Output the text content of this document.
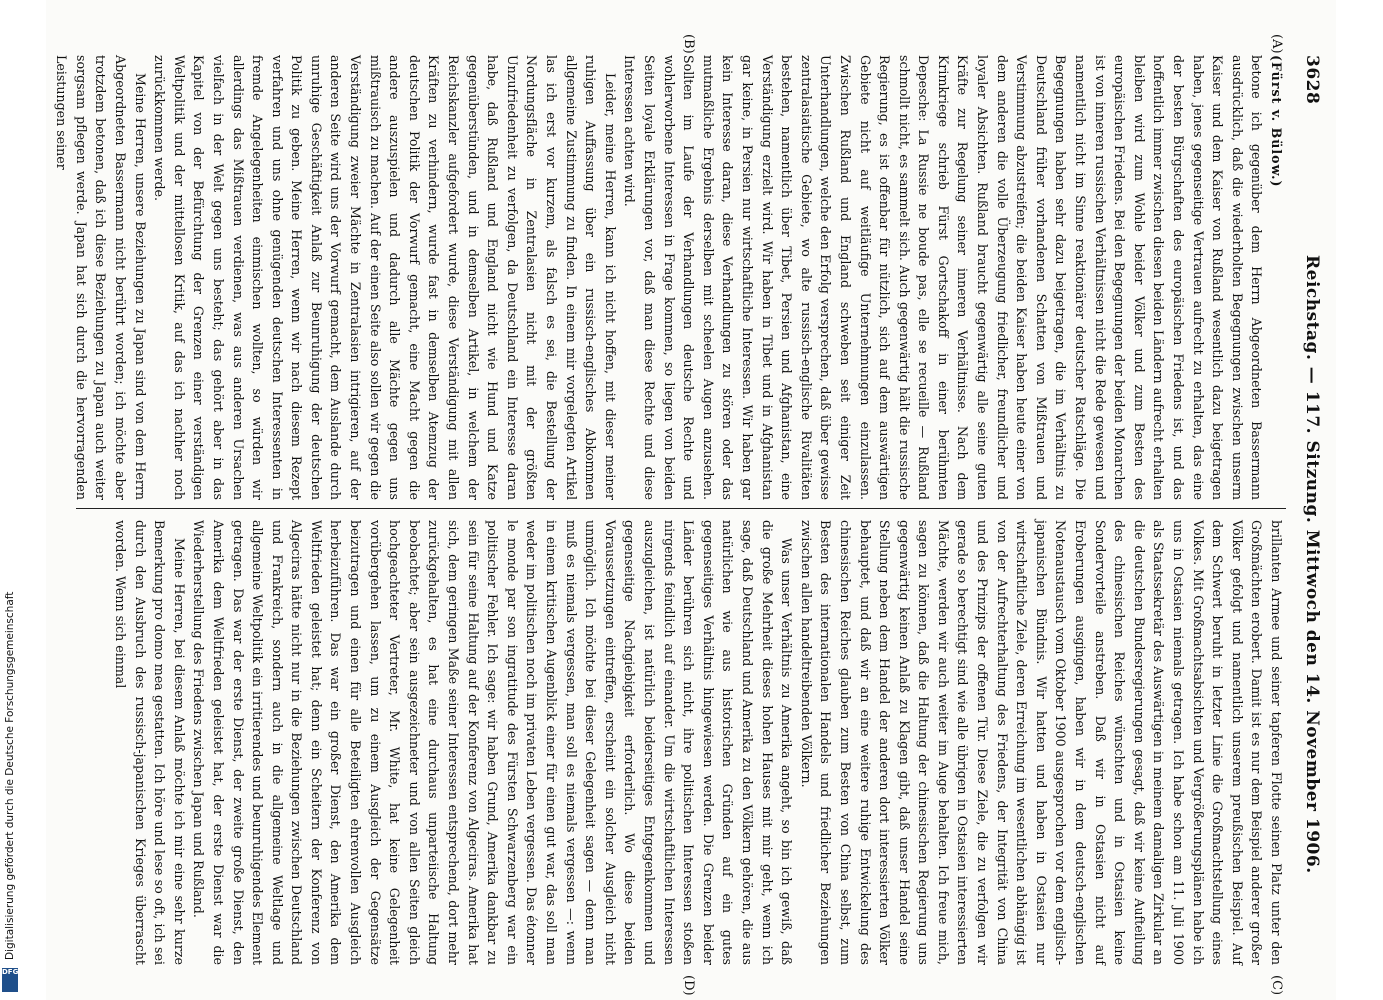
3628
Reichstag. — 117. Sitzung. Mittwoch den 14. November 1906.
(A)
(B)
(C)
(D)

(Fürst v. Bülow.)

betone ich gegenüber dem Herrn Abgeordneten Bassermann ausdrücklich, daß die wiederholten Begegnungen zwischen unserm Kaiser und dem Kaiser von Rußland wesentlich dazu beigetragen haben, jenes gegenseitige Vertrauen aufrecht zu erhalten, das eine der besten Bürgschaften des europäischen Friedens ist, und das hoffentlich immer zwischen diesen beiden Ländern aufrecht erhalten bleiben wird zum Wohle beider Völker und zum Besten des europäischen Friedens. Bei den Begegnungen der beiden Monarchen ist von inneren russischen Verhältnissen nicht die Rede gewesen und namentlich nicht im Sinne reaktionärer deutscher Ratschläge. Die Begegnungen haben sehr dazu beigetragen, die im Verhältnis zu Deutschland früher vorhandenen Schatten von Mißtrauen und Verstimmung abzustreifen; die beiden Kaiser haben heute einer von dem anderen die volle Überzeugung friedlicher, freundlicher und loyaler Absichten. Rußland braucht gegenwärtig alle seine guten Kräfte zur Regelung seiner inneren Verhältnisse. Nach dem Krimkriege schrieb Fürst Gortschakoff in einer berühmten Depesche: La Russie ne boude pas, elle se recueille — Rußland schmollt nicht, es sammelt sich. Auch gegenwärtig hält die russische Regierung, es ist offenbar für nützlich, sich auf dem auswärtigen Gebiete nicht auf weitläufige Unternehmungen einzulassen. Zwischen Rußland und England schweben seit einiger Zeit Unterhandlungen, welche den Erfolg versprechen, daß über gewisse zentralasiatische Gebiete, wo alte russisch-englische Rivalitäten bestehen, namentlich über Tibet, Persien und Afghanistan, eine Verständigung erzielt wird. Wir haben in Tibet und in Afghanistan gar keine, in Persien nur wirtschaftliche Interessen. Wir haben gar kein Interesse daran, diese Verhandlungen zu stören oder das mutmaßliche Ergebnis derselben mit scheelen Augen anzusehen. Sollten im Laufe der Verhandlungen deutsche Rechte und wohlerworbene Interessen in Frage kommen, so liegen von beiden Seiten loyale Erklärungen vor, daß man diese Rechte und diese Interessen achten wird.

Leider, meine Herren, kann ich nicht hoffen, mit dieser meiner ruhigen Auffassung über ein russisch-englisches Abkommen allgemeine Zustimmung zu finden. In einem mir vorgelegten Artikel las ich erst vor kurzem, als falsch es sei, die Bestellung der Nordungsfläche in Zentralasien nicht mit der größten Unzufriedenheit zu verfolgen, da Deutschland ein Interesse daran habe, daß Rußland und England nicht wie Hund und Katze gegenüberstünden, und in demselben Artikel, in welchem der Reichskanzler aufgefordert wurde, diese Verständigung mit allen Kräften zu verhindern, wurde fast in demselben Atemzug der deutschen Politik der Vorwurf gemacht, eine Macht gegen die andere auszuspielen und dadurch alle Mächte gegen uns mißtrauisch zu machen. Auf der einen Seite also sollen wir gegen die Verständigung zweier Mächte in Zentralasien intrigieren, auf der anderen Seite wird uns der Vorwurf gemacht, dem Auslande durch unruhige Geschäftigkeit Anlaß zur Beunruhigung der deutschen Politik zu geben. Meine Herren, wenn wir nach diesem Rezept verfahren und uns ohne genügenden deutschen Interessenten in fremde Angelegenheiten einmischen wollten, so würden wir allerdings das Mißtrauen verdienen, was aus anderen Ursachen vielfach in der Welt gegen uns besteht; das gehört aber in das Kapitel von der Befürchtung der Grenzen einer verständigen Weltpolitik und der mittellosen Kritik, auf das ich nachher noch zurückkommen werde.

Meine Herren, unsere Beziehungen zu Japan sind von dem Herrn Abgeordneten Bassermann nicht berührt worden; ich möchte aber trotzdem betonen, daß ich diese Beziehungen zu Japan auch weiter sorgsam pflegen werde. Japan hat sich durch die hervorragenden Leistungen seiner

brillanten Armee und seiner tapferen Flotte seinen Platz unter den Großmächten erobert. Damit ist es nur dem Beispiel anderer großer Völker gefolgt und namentlich unserem preußischen Beispiel. Auf dem Schwert beruht in letzter Linie die Großmachtstellung eines Volkes. Mit Großmachtsabsichten und Vergrößerungsplänen habe ich uns in Ostasien niemals getragen. Ich habe schon am 11. Juli 1900 als Staatssekretär des Auswärtigen in meinem damaligen Zirkular an die deutschen Bundesregierungen gesagt, daß wir keine Aufteilung des chinesischen Reiches wünschten und in Ostasien keine Sondervorteile anstreben. Daß wir in Ostasien nicht auf Eroberungen ausgingen, haben wir in dem deutsch-englischen Notenaustausch vom Oktober 1900 ausgesprochen vor dem englisch-japanischen Bündnis. Wir hatten und haben in Ostasien nur wirtschaftliche Ziele, deren Erreichung im wesentlichen abhängig ist von der Aufrechterhaltung des Friedens, der Integrität von China und des Prinzips der offenen Tür. Diese Ziele, die zu verfolgen wir gerade so berechtigt sind wie alle übrigen in Ostasien interessierten Mächte, werden wir auch weiter im Auge behalten. Ich freue mich, sagen zu können, daß die Haltung der chinesischen Regierung uns gegenwärtig keinen Anlaß zu Klagen gibt, daß unser Handel seine Stellung neben dem Handel der anderen dort interessierten Völker behauptet, und daß wir an eine weitere ruhige Entwickelung des chinesischen Reiches glauben zum Besten von China selbst, zum Besten des internationalen Handels und friedlicher Beziehungen zwischen allen handeltreibenden Völkern.

Was unser Verhältnis zu Amerika angeht, so bin ich gewiß, daß die große Mehrheit dieses hohen Hauses mit mir geht, wenn ich sage, daß Deutschland und Amerika zu den Völkern gehören, die aus natürlichen wie aus historischen Gründen auf ein gutes gegenseitiges Verhältnis hingewiesen werden. Die Grenzen beider Länder berühren sich nicht, ihre politischen Interessen stoßen nirgends feindlich auf einander. Um die wirtschaftlichen Interessen auszugleichen, ist natürlich beiderseitiges Entgegenkommen und gegenseitige Nachgiebigkeit erforderlich. Wo diese beiden Voraussetzungen eintreffen, erscheint ein solcher Ausgleich nicht unmöglich. Ich möchte bei dieser Gelegenheit sagen — denn man muß es niemals vergessen, man soll es niemals vergessen —: wenn in einem kritischen Augenblick einer für einen gut war, das soll man weder im politischen noch im privaten Leben vergessen. Das étonner le monde par son ingratitude des Fürsten Schwarzenberg war ein politischer Fehler. Ich sage: wir haben Grund, Amerika dankbar zu sein für seine Haltung auf der Konferenz von Algeciras. Amerika hat sich, dem geringen Maße seiner Interessen entsprechend, dort mehr zurückgehalten, es hat eine durchaus unparteiische Haltung beobachtet; aber sein ausgezeichneter und von allen Seiten gleich hochgeachteter Vertreter, Mr. White, hat keine Gelegenheit vorübergehen lassen, um zu einem Ausgleich der Gegensätze beizutragen und einen für alle Beteiligten ehrenvollen Ausgleich herbeizuführen. Das war ein großer Dienst, den Amerika dem Weltfrieden geleistet hat; denn ein Scheitern der Konferenz von Algeciras hätte nicht nur in die Beziehungen zwischen Deutschland und Frankreich, sondern auch in die allgemeine Weltlage und allgemeine Weltpolitik ein irritierendes und beunruhigendes Element getragen. Das war der erste Dienst, der zweite große Dienst, den Amerika dem Weltfrieden geleistet hat, der erste Dienst war die Wiederherstellung des Friedens zwischen Japan und Rußland.

Meine Herren, bei diesem Anlaß möchte ich mir eine sehr kurze Bemerkung pro domo mea gestatten. Ich höre und lese so oft, ich sei durch den Ausbruch des russisch-japanischen Krieges überrascht worden. Wenn sich einmal

Digitalisierung gefördert durch die Deutsche Forschungsgemeinschaft
DFG
